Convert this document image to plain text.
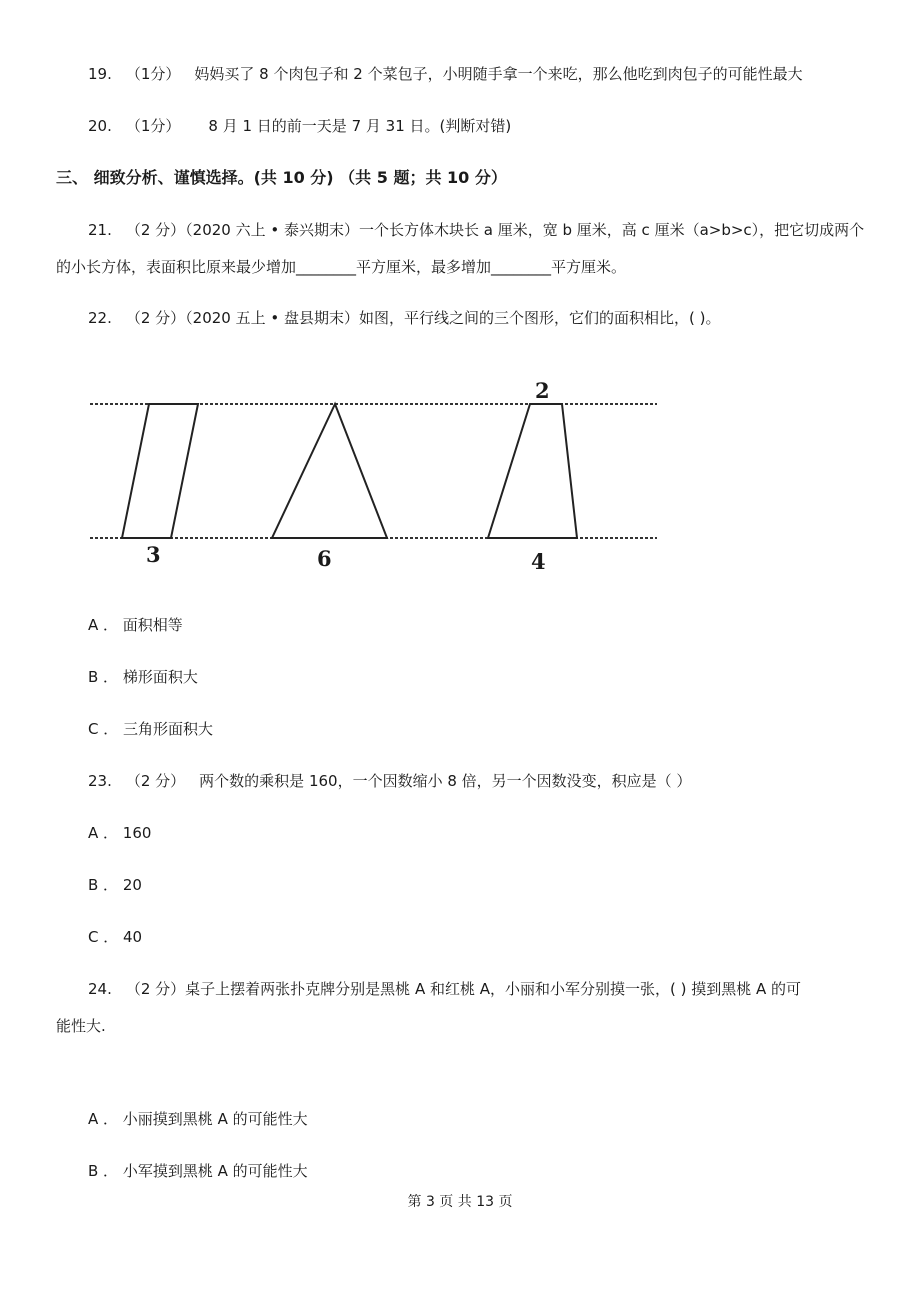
19. （1分） 妈妈买了 8 个肉包子和 2 个菜包子，小明随手拿一个来吃，那么他吃到肉包子的可能性最大
20. （1分） 8 月 1 日的前一天是 7 月 31 日。(判断对错)
三、 细致分析、谨慎选择。(共 10 分) （共 5 题；共 10 分）
21. （2 分）（2020 六上 • 泰兴期末）一个长方体木块长 a 厘米，宽 b 厘米，高 c 厘米（a>b>c），把它切成两个
的小长方体，表面积比原来最少增加________平方厘米，最多增加________平方厘米。
22. （2 分）（2020 五上 • 盘县期末）如图，平行线之间的三个图形，它们的面积相比，( )。
3	6
2
4
A ． 面积相等
B ． 梯形面积大
C ． 三角形面积大
23. （2 分） 两个数的乘积是 160，一个因数缩小 8 倍，另一个因数没变，积应是（ ）
A ． 160
B ． 20
C ． 40
24. （2 分）桌子上摆着两张扑克牌分别是黑桃 A 和红桃 A，小丽和小军分别摸一张，( ) 摸到黑桃 A 的可
能性大.
A ． 小丽摸到黑桃 A 的可能性大
B ． 小军摸到黑桃 A 的可能性大
第 3 页 共 13 页
